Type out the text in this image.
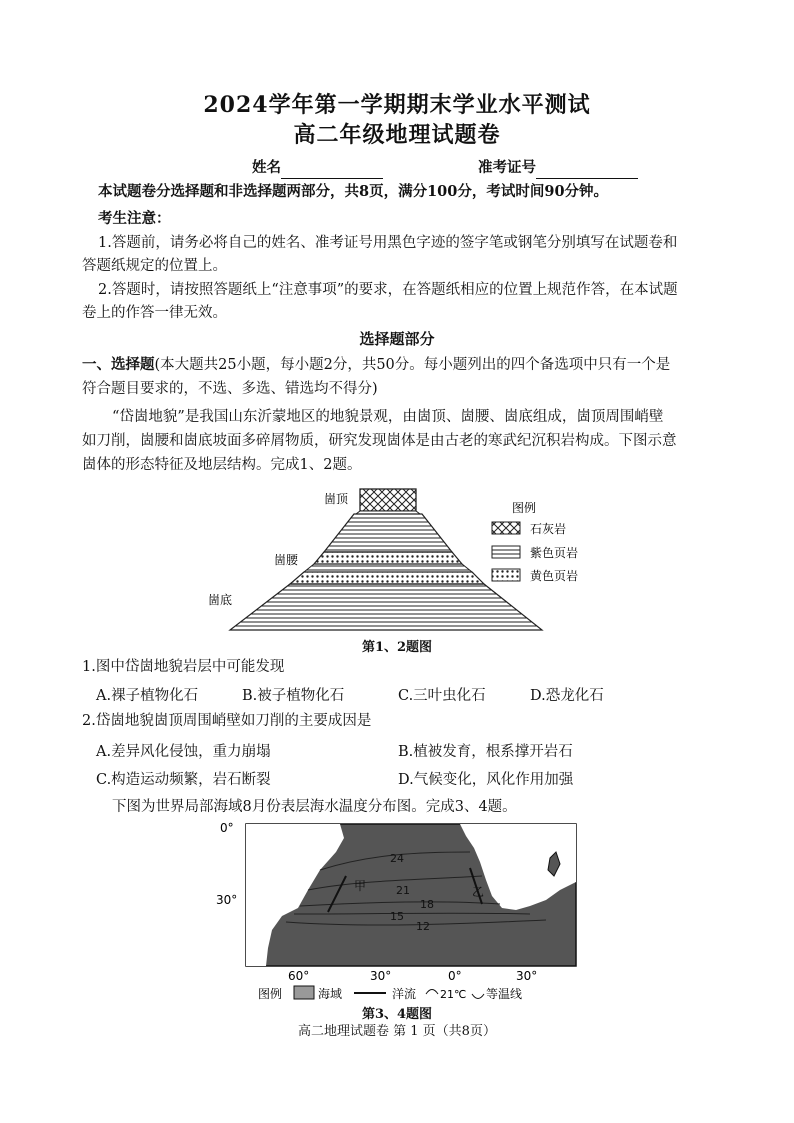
2024学年第一学期期末学业水平测试
高二年级地理试题卷
姓名	准考证号
本试题卷分选择题和非选择题两部分，共8页，满分100分，考试时间90分钟。
考生注意：
1.答题前，请务必将自己的姓名、准考证号用黑色字迹的签字笔或钢笔分别填写在试题卷和
答题纸规定的位置上。
2.答题时，请按照答题纸上“注意事项”的要求，在答题纸相应的位置上规范作答，在本试题
卷上的作答一律无效。
选择题部分
一、选择题(本大题共25小题，每小题2分，共50分。每小题列出的四个备选项中只有一个是
符合题目要求的，不选、多选、错选均不得分)
“岱崮地貌”是我国山东沂蒙地区的地貌景观，由崮顶、崮腰、崮底组成，崮顶周围峭壁
如刀削，崮腰和崮底坡面多碎屑物质，研究发现崮体是由古老的寒武纪沉积岩构成。下图示意
崮体的形态特征及地层结构。完成1、2题。
崮顶
崮腰
崮底
图例
石灰岩
紫色页岩
黄色页岩
第1、2题图
1.图中岱崮地貌岩层中可能发现
A.裸子植物化石	B.被子植物化石	C.三叶虫化石	D.恐龙化石
2.岱崮地貌崮顶周围峭壁如刀削的主要成因是
A.差异风化侵蚀，重力崩塌	B.植被发育，根系撑开岩石
C.构造运动频繁，岩石断裂	D.气候变化，风化作用加强
下图为世界局部海域8月份表层海水温度分布图。完成3、4题。
0°
30°
60°	30°	0°	30°
24
21
18
15
12
甲	乙
图例	海域	洋流 21℃ 等温线
第3、4题图
高二地理试题卷 第 1 页（共8页）
